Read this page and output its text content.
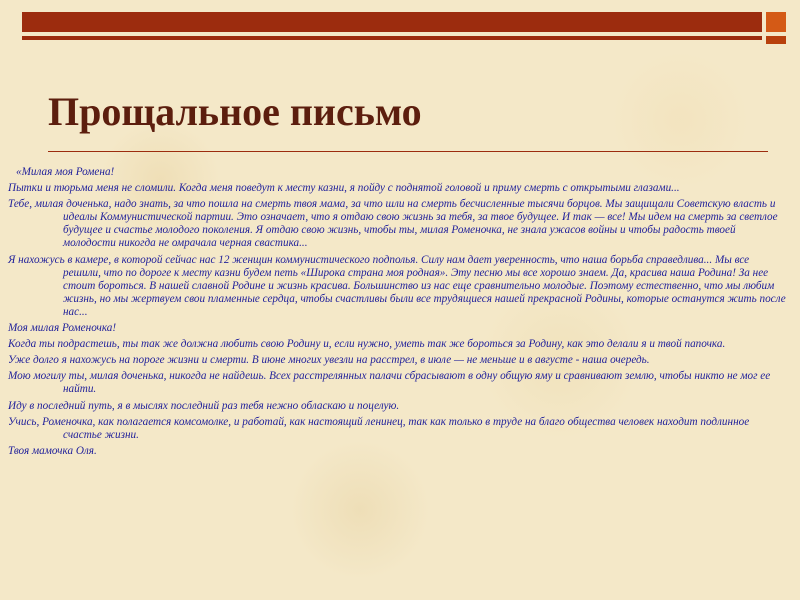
Прощальное письмо

«Милая моя Ромена!

Пытки и тюрьма меня не сломили. Когда меня поведут к месту казни, я пойду с поднятой головой и приму смерть с открытыми глазами...

Тебе, милая доченька, надо знать, за что пошла на смерть твоя мама, за что шли на смерть бесчисленные тысячи борцов. Мы защищали Советскую власть и идеалы Коммунистической партии. Это означает, что я отдаю свою жизнь за тебя, за твое будущее. И так — все! Мы идем на смерть за светлое будущее и счастье молодого поколения. Я отдаю свою жизнь, чтобы ты, милая Роменочка, не знала ужасов войны и чтобы радость твоей молодости никогда не омрачала черная свастика...

Я нахожусь в камере, в которой сейчас нас 12 женщин коммунистического подполья. Силу нам дает уверенность, что наша борьба справедлива... Мы все решили, что по дороге к месту казни будем петь «Широка страна моя родная». Эту песню мы все хорошо знаем. Да, красива наша Родина! За нее стоит бороться. В нашей славной Родине и жизнь красива. Большинство из нас еще сравнительно молодые. Поэтому естественно, что мы любим жизнь, но мы жертвуем свои пламенные сердца, чтобы счастливы были все трудящиеся нашей прекрасной Родины, которые останутся жить после нас...

Моя милая Роменочка!

Когда ты подрастешь, ты так же должна любить свою Родину и, если нужно, уметь так же бороться за Родину, как это делали я и твой папочка.

Уже долго я нахожусь на пороге жизни и смерти. В июне многих увезли на расстрел, в июле — не меньше и в августе - наша очередь.

Мою могилу ты, милая доченька, никогда не найдешь. Всех расстрелянных палачи сбрасывают в одну общую яму и сравнивают землю, чтобы никто не мог ее найти.

Иду в последний путь, я в мыслях последний раз тебя нежно обласкаю и поцелую.

Учись, Роменочка, как полагается комсомолке, и работай, как настоящий ленинец, так как только в труде на благо общества человек находит подлинное счастье жизни.

Твоя мамочка Оля.
